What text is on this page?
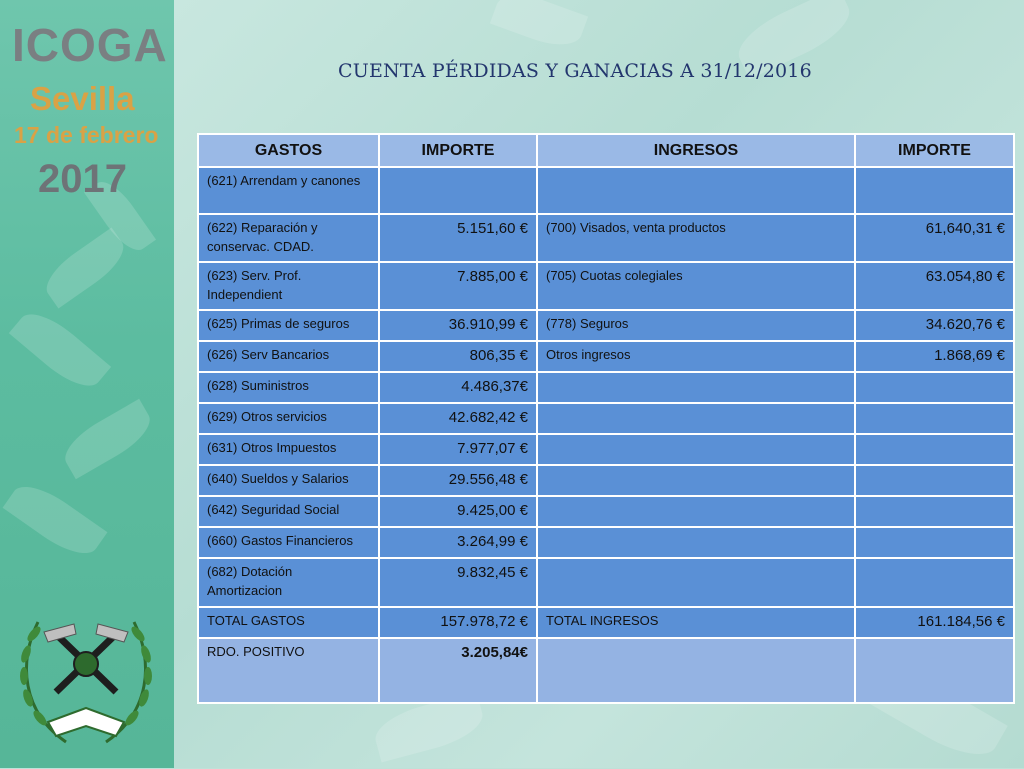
ICOGA
Sevilla
17 de febrero
2017
CUENTA PÉRDIDAS Y GANACIAS A 31/12/2016
GASTOS	IMPORTE	INGRESOS	IMPORTE
(621) Arrendam y canones			
(622) Reparación y conservac. CDAD.	5.151,60 €	(700) Visados, venta productos	61,640,31 €
(623) Serv. Prof. Independient	7.885,00 €	(705) Cuotas colegiales	63.054,80 €
(625) Primas de seguros	36.910,99 €	(778) Seguros	34.620,76 €
(626) Serv Bancarios	806,35 €	Otros ingresos	1.868,69 €
(628) Suministros	4.486,37€		
(629) Otros servicios	42.682,42 €		
(631) Otros Impuestos	7.977,07 €		
(640) Sueldos y Salarios	29.556,48 €		
(642) Seguridad Social	9.425,00 €		
(660) Gastos Financieros	3.264,99 €		
(682) Dotación Amortizacion	9.832,45 €		
TOTAL GASTOS	157.978,72 €	TOTAL INGRESOS	161.184,56 €
RDO. POSITIVO	3.205,84€		
